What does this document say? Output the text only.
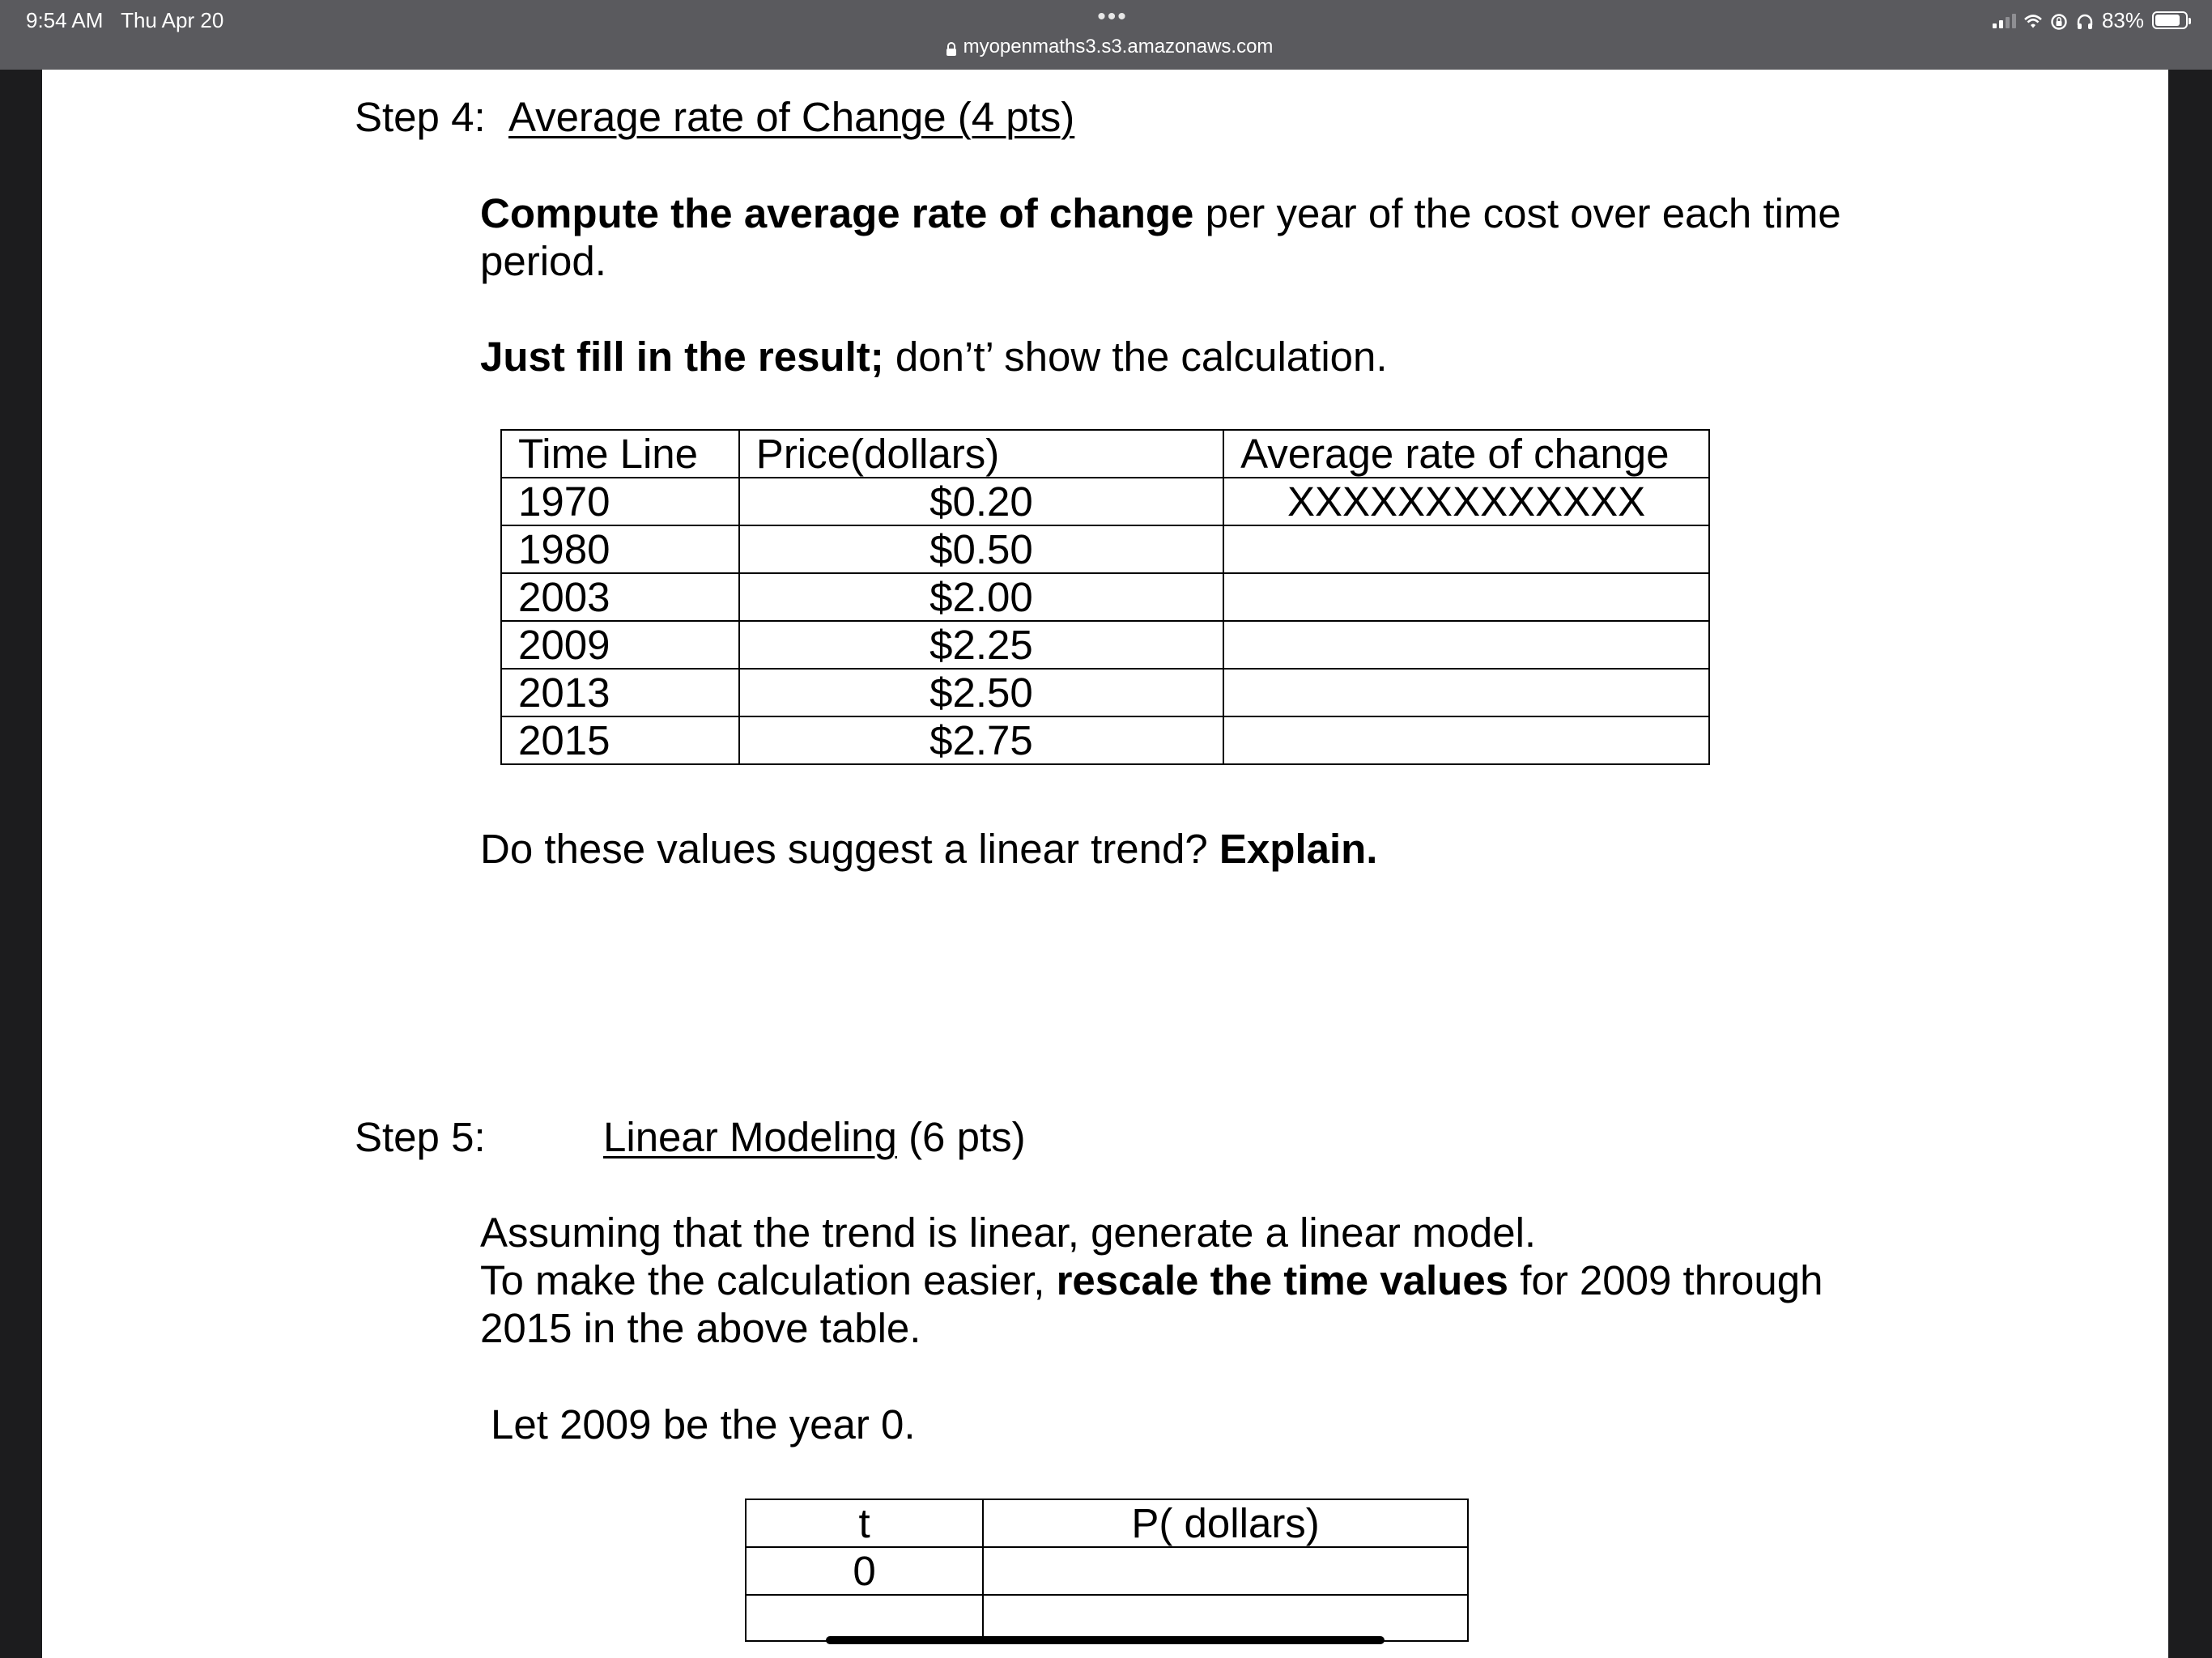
9:54 AM Thu Apr 20	•••
myopenmaths3.s3.amazonaws.com
83%
Step 4: Average rate of Change (4 pts)
Compute the average rate of change per year of the cost over each time
period.
Just fill in the result; don’t’ show the calculation.
Time Line	Price(dollars)	Average rate of change
1970	$0.20	XXXXXXXXXXXXX
1980	$0.50	
2003	$2.00	
2009	$2.25	
2013	$2.50	
2015	$2.75	
Do these values suggest a linear trend? Explain.
Step 5:	Linear Modeling (6 pts)
Assuming that the trend is linear, generate a linear model.
To make the calculation easier, rescale the time values for 2009 through
2015 in the above table.
Let 2009 be the year 0.
t	P( dollars)
0	
